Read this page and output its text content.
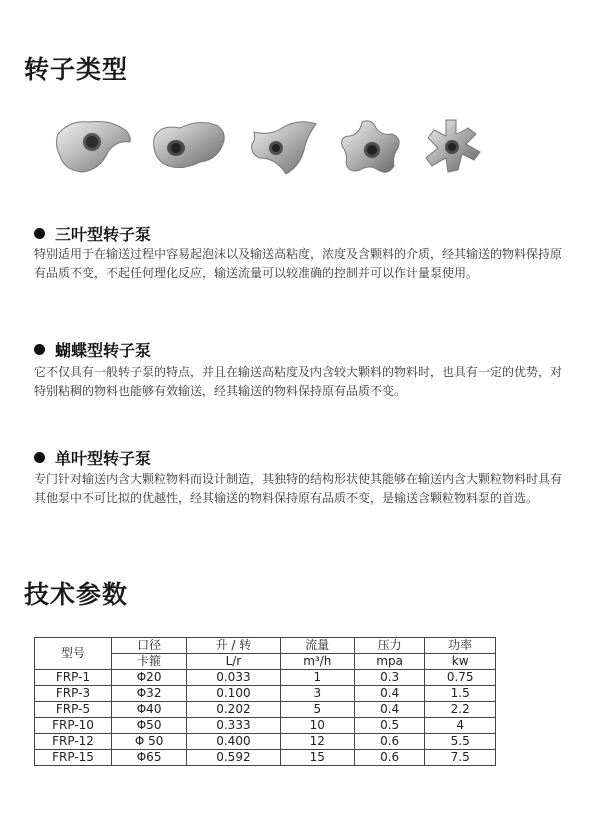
转子类型
三叶型转子泵
特别适用于在输送过程中容易起泡沫以及输送高粘度，浓度及含颗料的介质，经其输送的物料保持原有品质不变，不起任何理化反应，输送流量可以较准确的控制并可以作计量泵使用。
蝴蝶型转子泵
它不仅具有一般转子泵的特点，并且在输送高粘度及内含较大颗料的物料时，也具有一定的优势，对特别粘稠的物料也能够有效输送，经其输送的物料保持原有品质不变。
单叶型转子泵
专门针对输送内含大颗粒物料而设计制造，其独特的结构形状使其能够在输送内含大颗粒物料时具有其他泵中不可比拟的优越性，经其输送的物料保持原有品质不变，是输送含颗粒物料泵的首选。
技术参数
型号	口径	升 / 转	流量	压力	功率
	卡箍	L/r	m³/h	mpa	kw
FRP-1	Φ20	0.033	1	0.3	0.75
FRP-3	Φ32	0.100	3	0.4	1.5
FRP-5	Φ40	0.202	5	0.4	2.2
FRP-10	Φ50	0.333	10	0.5	4
FRP-12	Φ 50	0.400	12	0.6	5.5
FRP-15	Φ65	0.592	15	0.6	7.5
